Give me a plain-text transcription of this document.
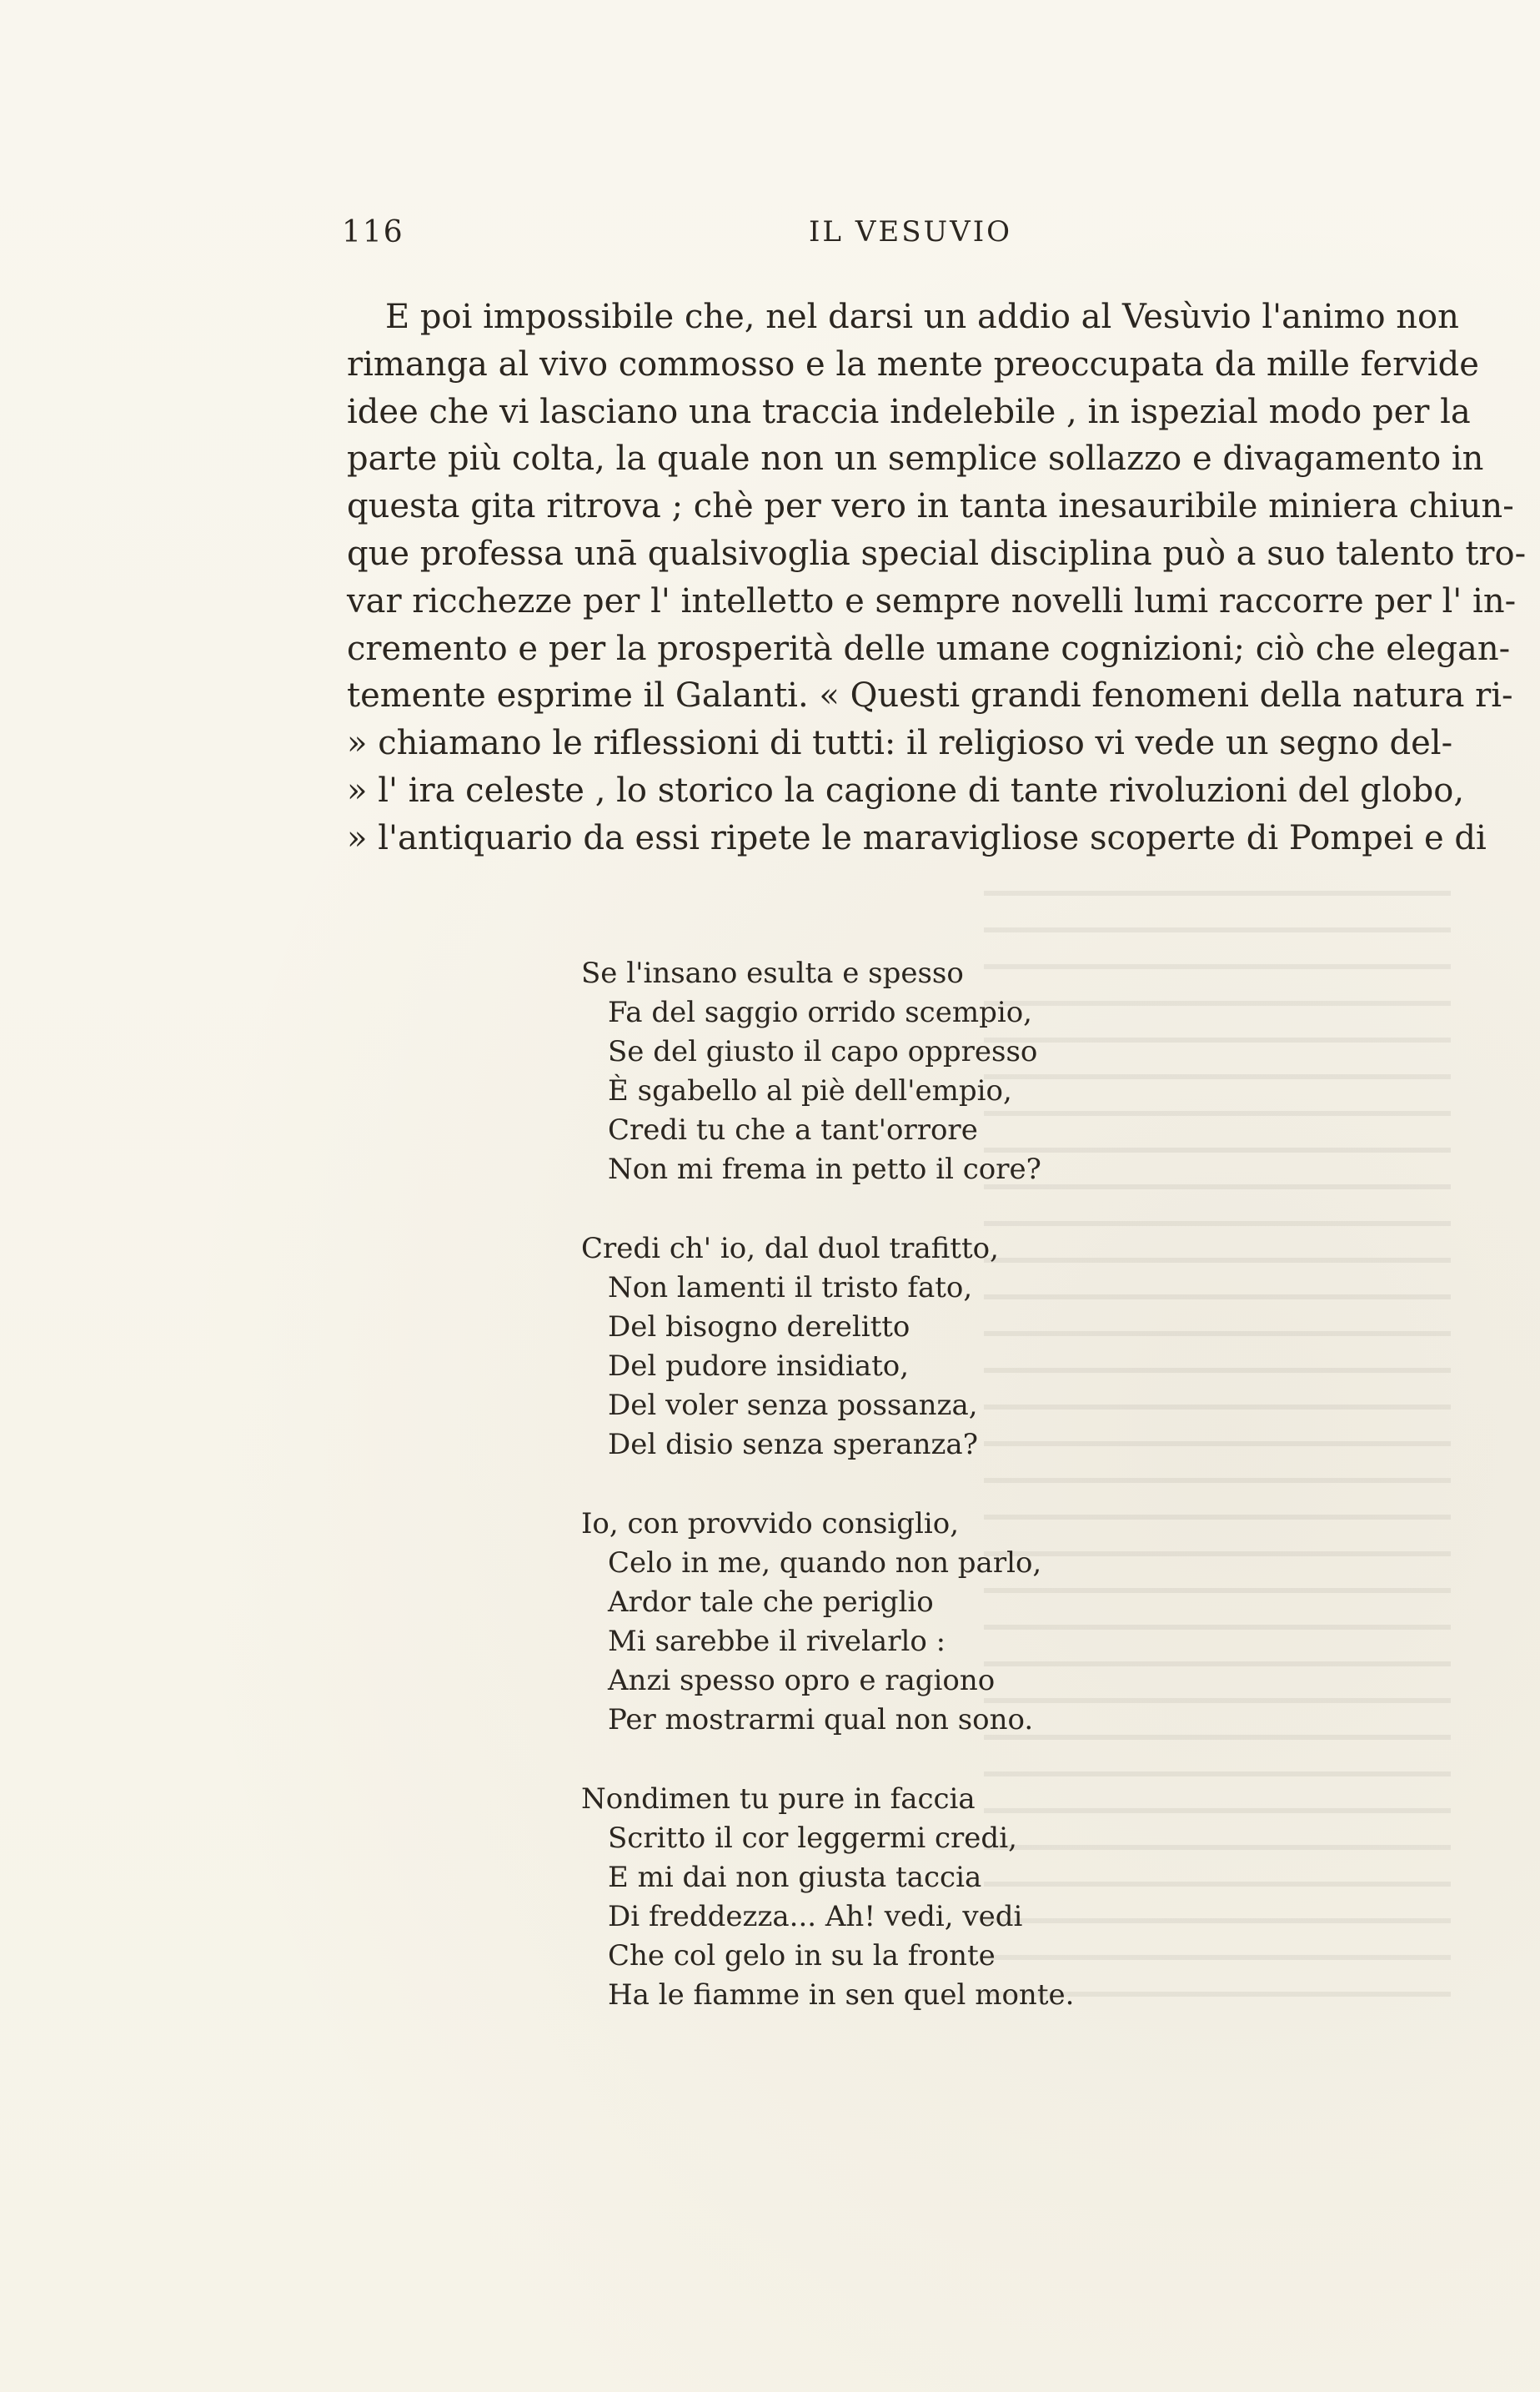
116	IL VESUVIO
E poi impossibile che, nel darsi un addio al Vesùvio l'animo non
rimanga al vivo commosso e la mente preoccupata da mille fervide
idee che vi lasciano una traccia indelebile , in ispezial modo per la
parte più colta, la quale non un semplice sollazzo e divagamento in
questa gita ritrova ; chè per vero in tanta inesauribile miniera chiun-
que professa unā qualsivoglia special disciplina può a suo talento tro-
var ricchezze per l' intelletto e sempre novelli lumi raccorre per l' in-
cremento e per la prosperità delle umane cognizioni; ciò che elegan-
temente esprime il Galanti. « Questi grandi fenomeni della natura ri-
» chiamano le riflessioni di tutti: il religioso vi vede un segno del-
» l' ira celeste , lo storico la cagione di tante rivoluzioni del globo,
» l'antiquario da essi ripete le maravigliose scoperte di Pompei e di
Se l'insano esulta e spesso
Fa del saggio orrido scempio,
Se del giusto il capo oppresso
È sgabello al piè dell'empio,
Credi tu che a tant'orrore
Non mi frema in petto il core?
Credi ch' io, dal duol trafitto,
Non lamenti il tristo fato,
Del bisogno derelitto
Del pudore insidiato,
Del voler senza possanza,
Del disio senza speranza?
Io, con provvido consiglio,
Celo in me, quando non parlo,
Ardor tale che periglio
Mi sarebbe il rivelarlo :
Anzi spesso opro e ragiono
Per mostrarmi qual non sono.
Nondimen tu pure in faccia
Scritto il cor leggermi credi,
E mi dai non giusta taccia
Di freddezza... Ah! vedi, vedi
Che col gelo in su la fronte
Ha le fiamme in sen quel monte.
